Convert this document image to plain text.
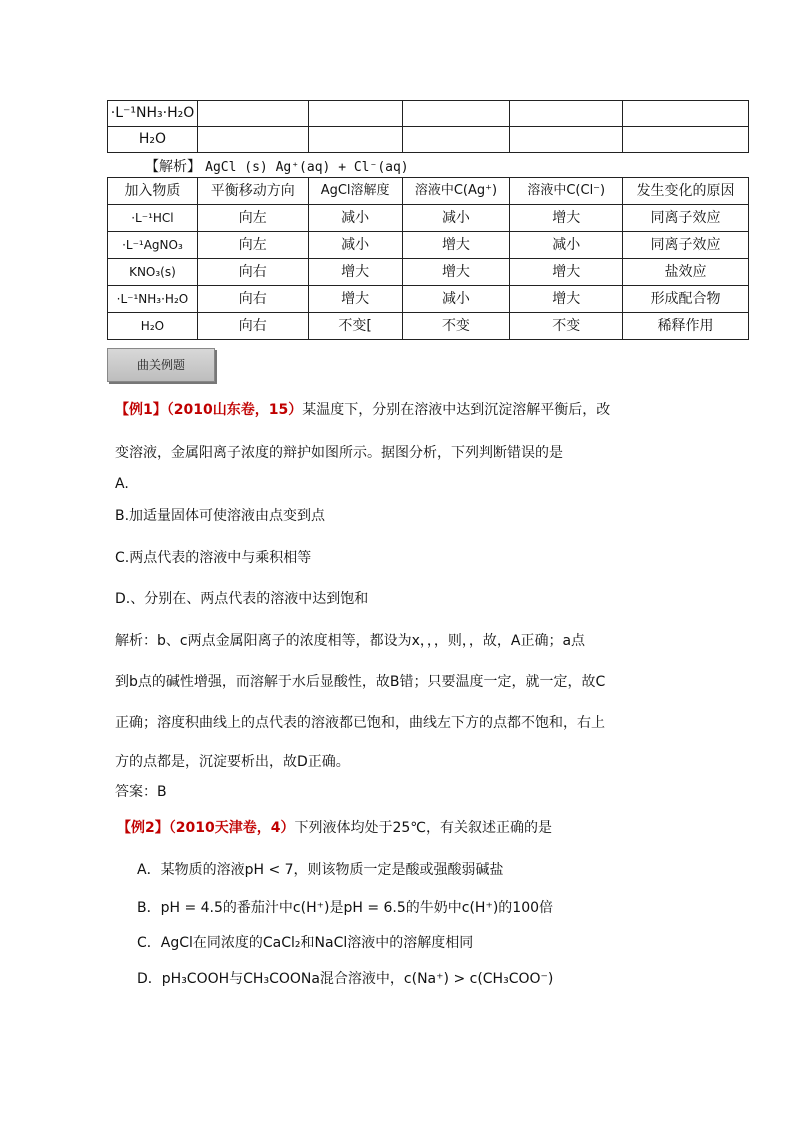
·L⁻¹NH₃·H₂O					
H₂O					
【解析】 AgCl (s) Ag⁺(aq) + Cl⁻(aq)
加入物质	平衡移动方向	AgCl溶解度	溶液中C(Ag⁺)	溶液中C(Cl⁻)	发生变化的原因
·L⁻¹HCl	向左	减小	减小	增大	同离子效应
·L⁻¹AgNO₃	向左	减小	增大	减小	同离子效应
KNO₃(s)	向右	增大	增大	增大	盐效应
·L⁻¹NH₃·H₂O	向右	增大	减小	增大	形成配合物
H₂O	向右	不变[	不变	不变	稀释作用
曲关例题
【例1】（2010山东卷，15）某温度下，分别在溶液中达到沉淀溶解平衡后，改
变溶液，金属阳离子浓度的辩护如图所示。据图分析，下列判断错误的是
A.
B.加适量固体可使溶液由点变到点
C.两点代表的溶液中与乘积相等
D.、分别在、两点代表的溶液中达到饱和
解析：b、c两点金属阳离子的浓度相等，都设为x，，，则，，故，A正确；a点
到b点的碱性增强，而溶解于水后显酸性，故B错；只要温度一定，就一定，故C
正确；溶度积曲线上的点代表的溶液都已饱和，曲线左下方的点都不饱和，右上
方的点都是，沉淀要析出，故D正确。
答案：B
【例2】（2010天津卷，4）下列液体均处于25℃，有关叙述正确的是
A．某物质的溶液pH < 7，则该物质一定是酸或强酸弱碱盐
B．pH = 4.5的番茄汁中c(H⁺)是pH = 6.5的牛奶中c(H⁺)的100倍
C．AgCl在同浓度的CaCl₂和NaCl溶液中的溶解度相同
D．pH₃COOH与CH₃COONa混合溶液中，c(Na⁺) > c(CH₃COO⁻)
